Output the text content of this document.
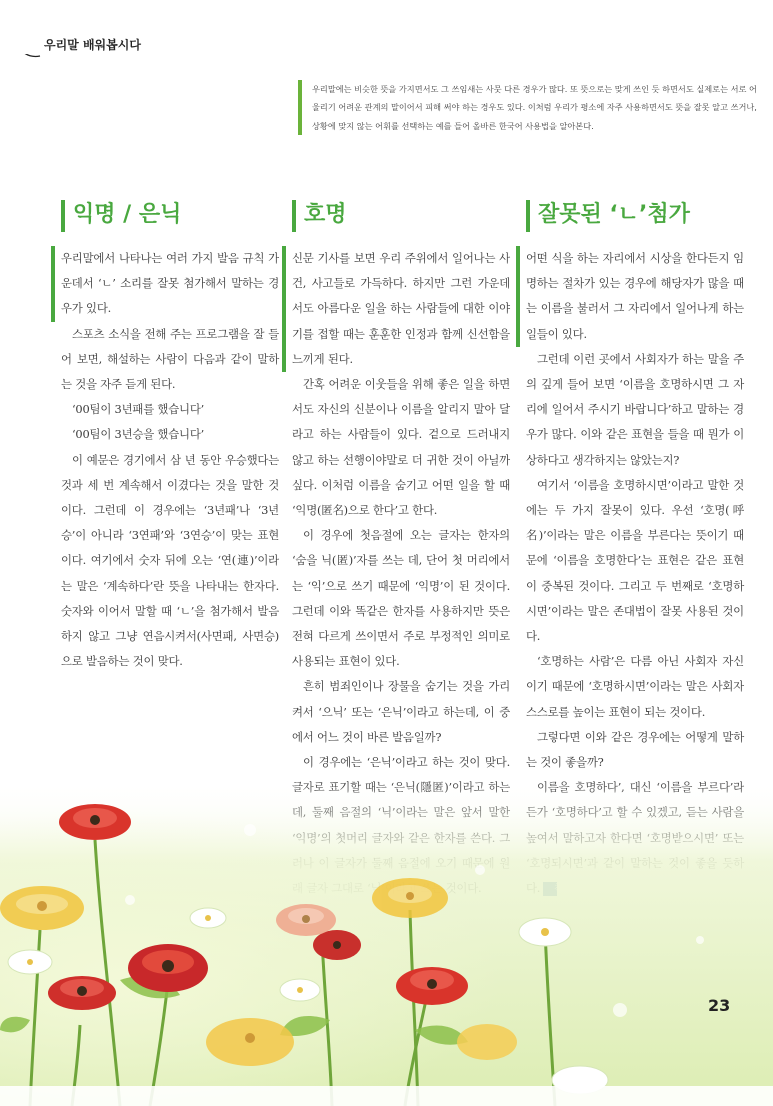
우리말 배워봅시다

우리말에는 비슷한 뜻을 가지면서도 그 쓰임새는 사뭇 다른 경우가 많다. 또 뜻으로는 맞게 쓰인 듯 하면서도 실제로는 서로 어울리기 어려운 관계의 말이어서 피해 써야 하는 경우도 있다. 이처럼 우리가 평소에 자주 사용하면서도 뜻을 잘못 알고 쓰거나, 상황에 맞지 않는 어휘를 선택하는 예를 들어 올바른 한국어 사용법을 알아본다.

익명 / 은닉

우리말에서 나타나는 여러 가지 발음 규칙 가운데서 ‘ㄴ’ 소리를 잘못 첨가해서 말하는 경우가 있다.

스포츠 소식을 전해 주는 프로그램을 잘 들어 보면, 해설하는 사람이 다음과 같이 말하는 것을 자주 듣게 된다.

‘00팀이 3년패를 했습니다’

‘00팀이 3년승을 했습니다’

이 예문은 경기에서 삼 년 동안 우승했다는 것과 세 번 계속해서 이겼다는 것을 말한 것이다. 그런데 이 경우에는 ‘3년패’나 ‘3년승’이 아니라 ‘3연패’와 ‘3연승’이 맞는 표현이다. 여기에서 숫자 뒤에 오는 ‘연(連)’이라는 말은 ‘계속하다’란 뜻을 나타내는 한자다. 숫자와 이어서 말할 때 ‘ㄴ’을 첨가해서 발음하지 않고 그냥 연음시켜서(사면패, 사면승)으로 발음하는 것이 맞다.

호명

신문 기사를 보면 우리 주위에서 일어나는 사건, 사고들로 가득하다. 하지만 그런 가운데서도 아름다운 일을 하는 사람들에 대한 이야기를 접할 때는 훈훈한 인정과 함께 신선함을 느끼게 된다.

간혹 어려운 이웃들을 위해 좋은 일을 하면서도 자신의 신분이나 이름을 알리지 말아 달라고 하는 사람들이 있다. 겉으로 드러내지 않고 하는 선행이야말로 더 귀한 것이 아닐까 싶다. 이처럼 이름을 숨기고 어떤 일을 할 때 ‘익명(匿名)으로 한다’고 한다.

이 경우에 첫음절에 오는 글자는 한자의 ‘숨을 닉(匿)’자를 쓰는 데, 단어 첫 머리에서는 ‘익’으로 쓰기 때문에 ‘익명’이 된 것이다. 그런데 이와 똑같은 한자를 사용하지만 뜻은 전혀 다르게 쓰이면서 주로 부정적인 의미로 사용되는 표현이 있다.

흔히 범죄인이나 장물을 숨기는 것을 가리켜서 ‘으닉’ 또는 ‘은닉’이라고 하는데, 이 중에서 어느 것이 바른 발음일까?

이 경우에는 ‘은닉’이라고 하는 것이 맞다.

잘못된 ‘ㄴ’첨가

어떤 식을 하는 자리에서 시상을 한다든지 임명하는 절차가 있는 경우에 해당자가 많을 때는 이름을 불러서 그 자리에서 일어나게 하는 일들이 있다.

그런데 이런 곳에서 사회자가 하는 말을 주의 깊게 들어 보면 ‘이름을 호명하시면 그 자리에 일어서 주시기 바랍니다’하고 말하는 경우가 많다. 이와 같은 표현을 들을 때 뭔가 이상하다고 생각하지는 않았는지?

여기서 ‘이름을 호명하시면’이라고 말한 것에는 두 가지 잘못이 있다. 우선 ‘호명(呼名)’이라는 말은 이름을 부른다는 뜻이기 때문에 ‘이름을 호명한다’는 표현은 같은 표현이 중복된 것이다. 그리고 두 번째로 ‘호명하시면’이라는 말은 존대법이 잘못 사용된 것이다.

‘호명하는 사람’은 다름 아닌 사회자 자신이기 때문에 ‘호명하시면’이라는 말은 사회자 스스로를 높이는 표현이 되는 것이다.

그렇다면 이와 같은 경우에는 어떻게 말하는 것이 좋을까?

23
